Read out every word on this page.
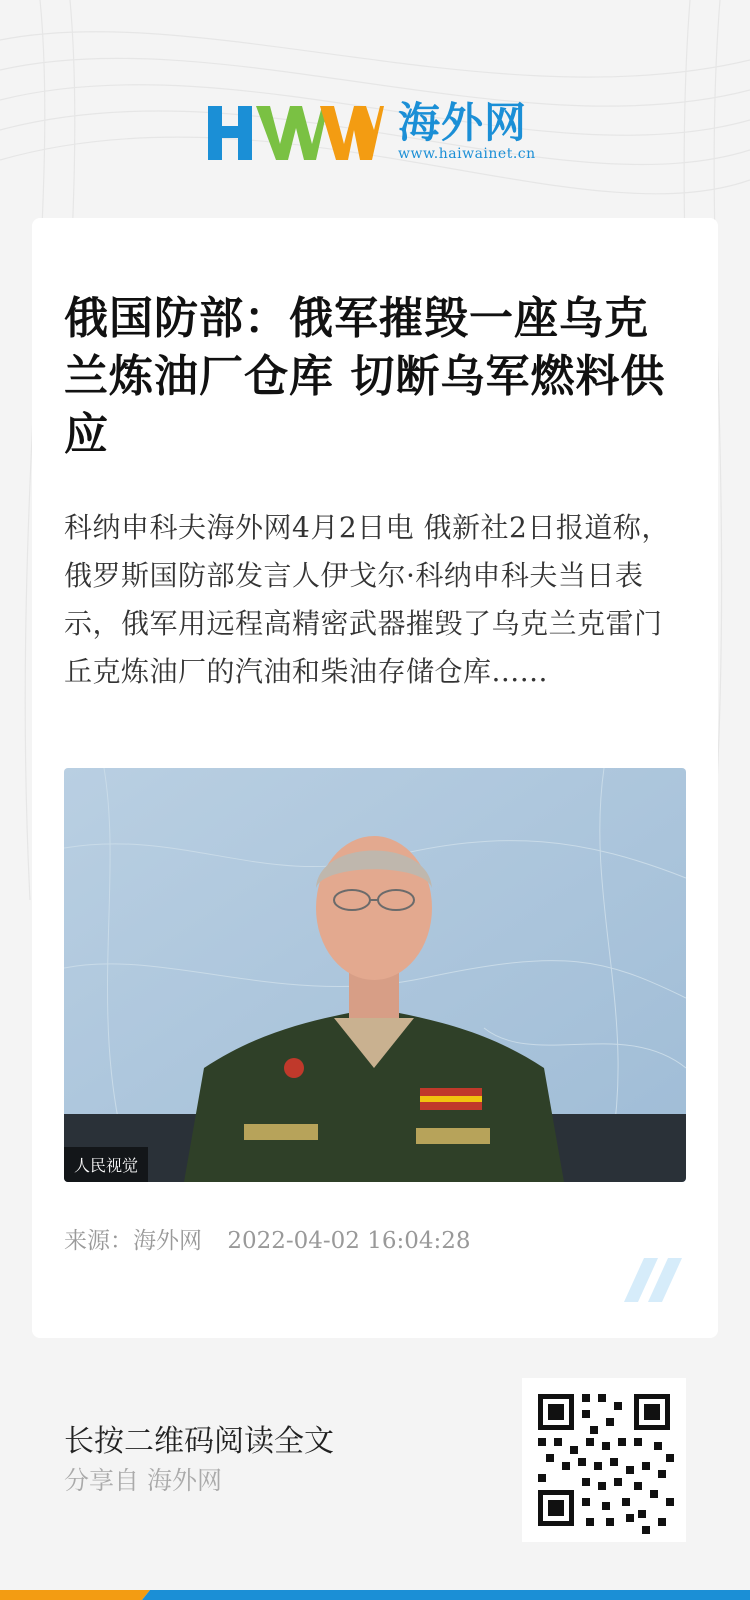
海外网
www.haiwainet.cn
俄国防部：俄军摧毁一座乌克兰炼油厂仓库 切断乌军燃料供应

科纳申科夫海外网4月2日电 俄新社2日报道称，俄罗斯国防部发言人伊戈尔·科纳申科夫当日表示，俄军用远程高精密武器摧毁了乌克兰克雷门丘克炼油厂的汽油和柴油存储仓库......

人民视觉
来源：海外网 2022-04-02 16:04:28
长按二维码阅读全文
分享自 海外网
